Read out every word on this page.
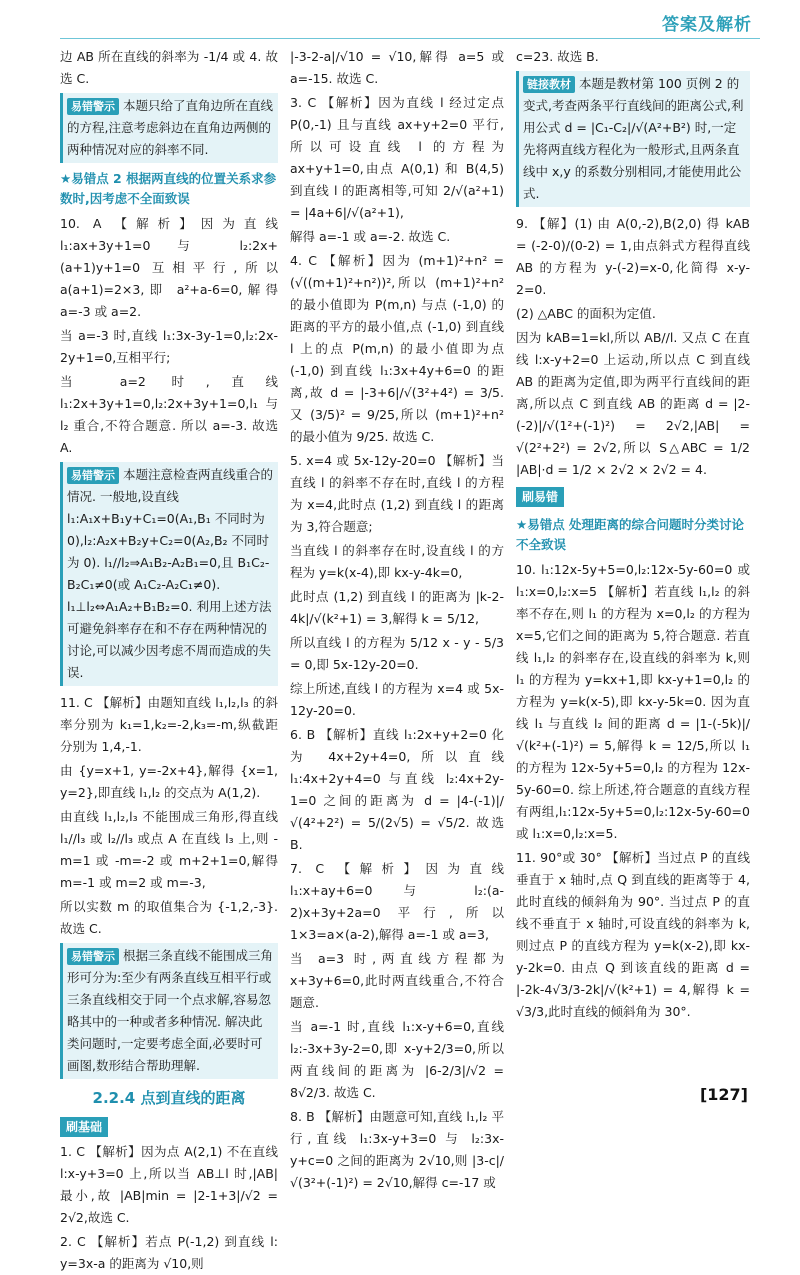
答案及解析

边 AB 所在直线的斜率为 -1/4 或 4. 故选 C.

易错警示 本题只给了直角边所在直线的方程,注意考虑斜边在直角边两侧的两种情况对应的斜率不同.
★易错点 2 根据两直线的位置关系求参数时,因考虑不全面致误

10. A 【解析】因为直线 l₁:ax+3y+1=0 与 l₂:2x+(a+1)y+1=0 互相平行,所以 a(a+1)=2×3,即 a²+a-6=0,解得 a=-3 或 a=2.

当 a=-3 时,直线 l₁:3x-3y-1=0,l₂:2x-2y+1=0,互相平行;

当 a=2 时,直线 l₁:2x+3y+1=0,l₂:2x+3y+1=0,l₁ 与 l₂ 重合,不符合题意. 所以 a=-3. 故选 A.

易错警示 本题注意检查两直线重合的情况. 一般地,设直线 l₁:A₁x+B₁y+C₁=0(A₁,B₁ 不同时为 0),l₂:A₂x+B₂y+C₂=0(A₂,B₂ 不同时为 0). l₁//l₂⇒A₁B₂-A₂B₁=0,且 B₁C₂-B₂C₁≠0(或 A₁C₂-A₂C₁≠0). l₁⊥l₂⇔A₁A₂+B₁B₂=0. 利用上述方法可避免斜率存在和不存在两种情况的讨论,可以减少因考虑不周而造成的失误.

11. C 【解析】由题知直线 l₁,l₂,l₃ 的斜率分别为 k₁=1,k₂=-2,k₃=-m,纵截距分别为 1,4,-1.

由 {y=x+1, y=-2x+4},解得 {x=1, y=2},即直线 l₁,l₂ 的交点为 A(1,2).

由直线 l₁,l₂,l₃ 不能围成三角形,得直线 l₁//l₃ 或 l₂//l₃ 或点 A 在直线 l₃ 上,则 -m=1 或 -m=-2 或 m+2+1=0,解得 m=-1 或 m=2 或 m=-3,

所以实数 m 的取值集合为 {-1,2,-3}. 故选 C.

易错警示 根据三条直线不能围成三角形可分为:至少有两条直线互相平行或三条直线相交于同一个点求解,容易忽略其中的一种或者多种情况. 解决此类问题时,一定要考虑全面,必要时可画图,数形结合帮助理解.
2.2.4 点到直线的距离
刷基础

1. C 【解析】因为点 A(2,1) 不在直线 l:x-y+3=0 上,所以当 AB⊥l 时,|AB| 最小,故 |AB|min = |2-1+3|/√2 = 2√2,故选 C.

2. C 【解析】若点 P(-1,2) 到直线 l: y=3x-a 的距离为 √10,则

|-3-2-a|/√10 = √10,解得 a=5 或 a=-15. 故选 C.

3. C 【解析】因为直线 l 经过定点 P(0,-1) 且与直线 ax+y+2=0 平行,所以可设直线 l 的方程为 ax+y+1=0,由点 A(0,1) 和 B(4,5) 到直线 l 的距离相等,可知 2/√(a²+1) = |4a+6|/√(a²+1),

解得 a=-1 或 a=-2. 故选 C.

4. C 【解析】因为 (m+1)²+n² = (√((m+1)²+n²))²,所以 (m+1)²+n² 的最小值即为 P(m,n) 与点 (-1,0) 的距离的平方的最小值,点 (-1,0) 到直线 l 上的点 P(m,n) 的最小值即为点 (-1,0) 到直线 l₁:3x+4y+6=0 的距离,故 d = |-3+6|/√(3²+4²) = 3/5. 又 (3/5)² = 9/25,所以 (m+1)²+n² 的最小值为 9/25. 故选 C.

5. x=4 或 5x-12y-20=0 【解析】当直线 l 的斜率不存在时,直线 l 的方程为 x=4,此时点 (1,2) 到直线 l 的距离为 3,符合题意;

当直线 l 的斜率存在时,设直线 l 的方程为 y=k(x-4),即 kx-y-4k=0,

此时点 (1,2) 到直线 l 的距离为 |k-2-4k|/√(k²+1) = 3,解得 k = 5/12,

所以直线 l 的方程为 5/12 x - y - 5/3 = 0,即 5x-12y-20=0.

综上所述,直线 l 的方程为 x=4 或 5x-12y-20=0.

6. B 【解析】直线 l₁:2x+y+2=0 化为 4x+2y+4=0,所以直线 l₁:4x+2y+4=0 与直线 l₂:4x+2y-1=0 之间的距离为 d = |4-(-1)|/√(4²+2²) = 5/(2√5) = √5/2. 故选 B.

7. C 【解析】因为直线 l₁:x+ay+6=0 与 l₂:(a-2)x+3y+2a=0 平行,所以 1×3=a×(a-2),解得 a=-1 或 a=3,

当 a=3 时,两直线方程都为 x+3y+6=0,此时两直线重合,不符合题意.

当 a=-1 时,直线 l₁:x-y+6=0,直线 l₂:-3x+3y-2=0,即 x-y+2/3=0,所以两直线间的距离为 |6-2/3|/√2 = 8√2/3. 故选 C.

8. B 【解析】由题意可知,直线 l₁,l₂ 平行,直线 l₁:3x-y+3=0 与 l₂:3x-y+c=0 之间的距离为 2√10,则 |3-c|/√(3²+(-1)²) = 2√10,解得 c=-17 或

c=23. 故选 B.

链接教材 本题是教材第 100 页例 2 的变式,考查两条平行直线间的距离公式,利用公式 d = |C₁-C₂|/√(A²+B²) 时,一定先将两直线方程化为一般形式,且两条直线中 x,y 的系数分别相同,才能使用此公式.

9. 【解】(1) 由 A(0,-2),B(2,0) 得 kAB = (-2-0)/(0-2) = 1,由点斜式方程得直线 AB 的方程为 y-(-2)=x-0,化简得 x-y-2=0.

(2) △ABC 的面积为定值.

因为 kAB=1=kl,所以 AB//l. 又点 C 在直线 l:x-y+2=0 上运动,所以点 C 到直线 AB 的距离为定值,即为两平行直线间的距离,所以点 C 到直线 AB 的距离 d = |2-(-2)|/√(1²+(-1)²) = 2√2,|AB| = √(2²+2²) = 2√2,所以 S△ABC = 1/2 |AB|·d = 1/2 × 2√2 × 2√2 = 4.

刷易错
★易错点 处理距离的综合问题时分类讨论不全致误

10. l₁:12x-5y+5=0,l₂:12x-5y-60=0 或 l₁:x=0,l₂:x=5 【解析】若直线 l₁,l₂ 的斜率不存在,则 l₁ 的方程为 x=0,l₂ 的方程为 x=5,它们之间的距离为 5,符合题意. 若直线 l₁,l₂ 的斜率存在,设直线的斜率为 k,则 l₁ 的方程为 y=kx+1,即 kx-y+1=0,l₂ 的方程为 y=k(x-5),即 kx-y-5k=0. 因为直线 l₁ 与直线 l₂ 间的距离 d = |1-(-5k)|/√(k²+(-1)²) = 5,解得 k = 12/5,所以 l₁ 的方程为 12x-5y+5=0,l₂ 的方程为 12x-5y-60=0. 综上所述,符合题意的直线方程有两组,l₁:12x-5y+5=0,l₂:12x-5y-60=0 或 l₁:x=0,l₂:x=5.

11. 90°或 30° 【解析】当过点 P 的直线垂直于 x 轴时,点 Q 到直线的距离等于 4,此时直线的倾斜角为 90°. 当过点 P 的直线不垂直于 x 轴时,可设直线的斜率为 k,则过点 P 的直线方程为 y=k(x-2),即 kx-y-2k=0. 由点 Q 到该直线的距离 d = |-2k-4√3/3-2k|/√(k²+1) = 4,解得 k = √3/3,此时直线的倾斜角为 30°.

[127]
